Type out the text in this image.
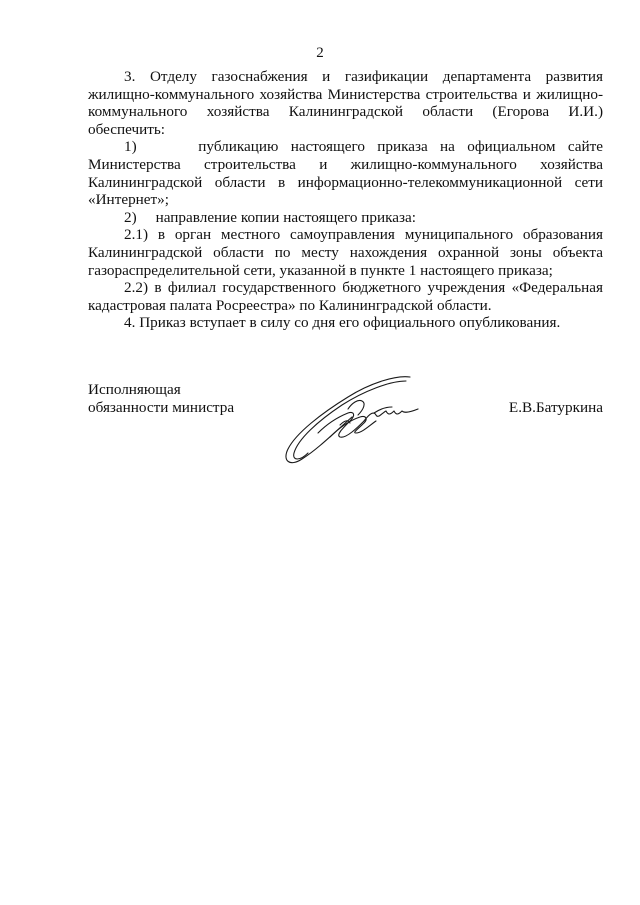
2

3. Отделу газоснабжения и газификации департамента развития жилищно-коммунального хозяйства Министерства строительства и жилищно-коммунального хозяйства Калининградской области (Егорова И.И.) обеспечить:

1)     публикацию настоящего приказа на официальном сайте Министерства строительства и жилищно-коммунального хозяйства Калининградской области в информационно-телекоммуникационной сети «Интернет»;

2)     направление копии настоящего приказа:

2.1) в орган местного самоуправления муниципального образования Калининградской области по месту нахождения охранной зоны объекта газораспределительной сети, указанной в пункте 1 настоящего приказа;

2.2) в филиал государственного бюджетного учреждения «Федеральная кадастровая палата Росреестра» по Калининградской области.

4. Приказ вступает в силу со дня его официального опубликования.

Исполняющая
обязанности министра	Е.В.Батуркина
